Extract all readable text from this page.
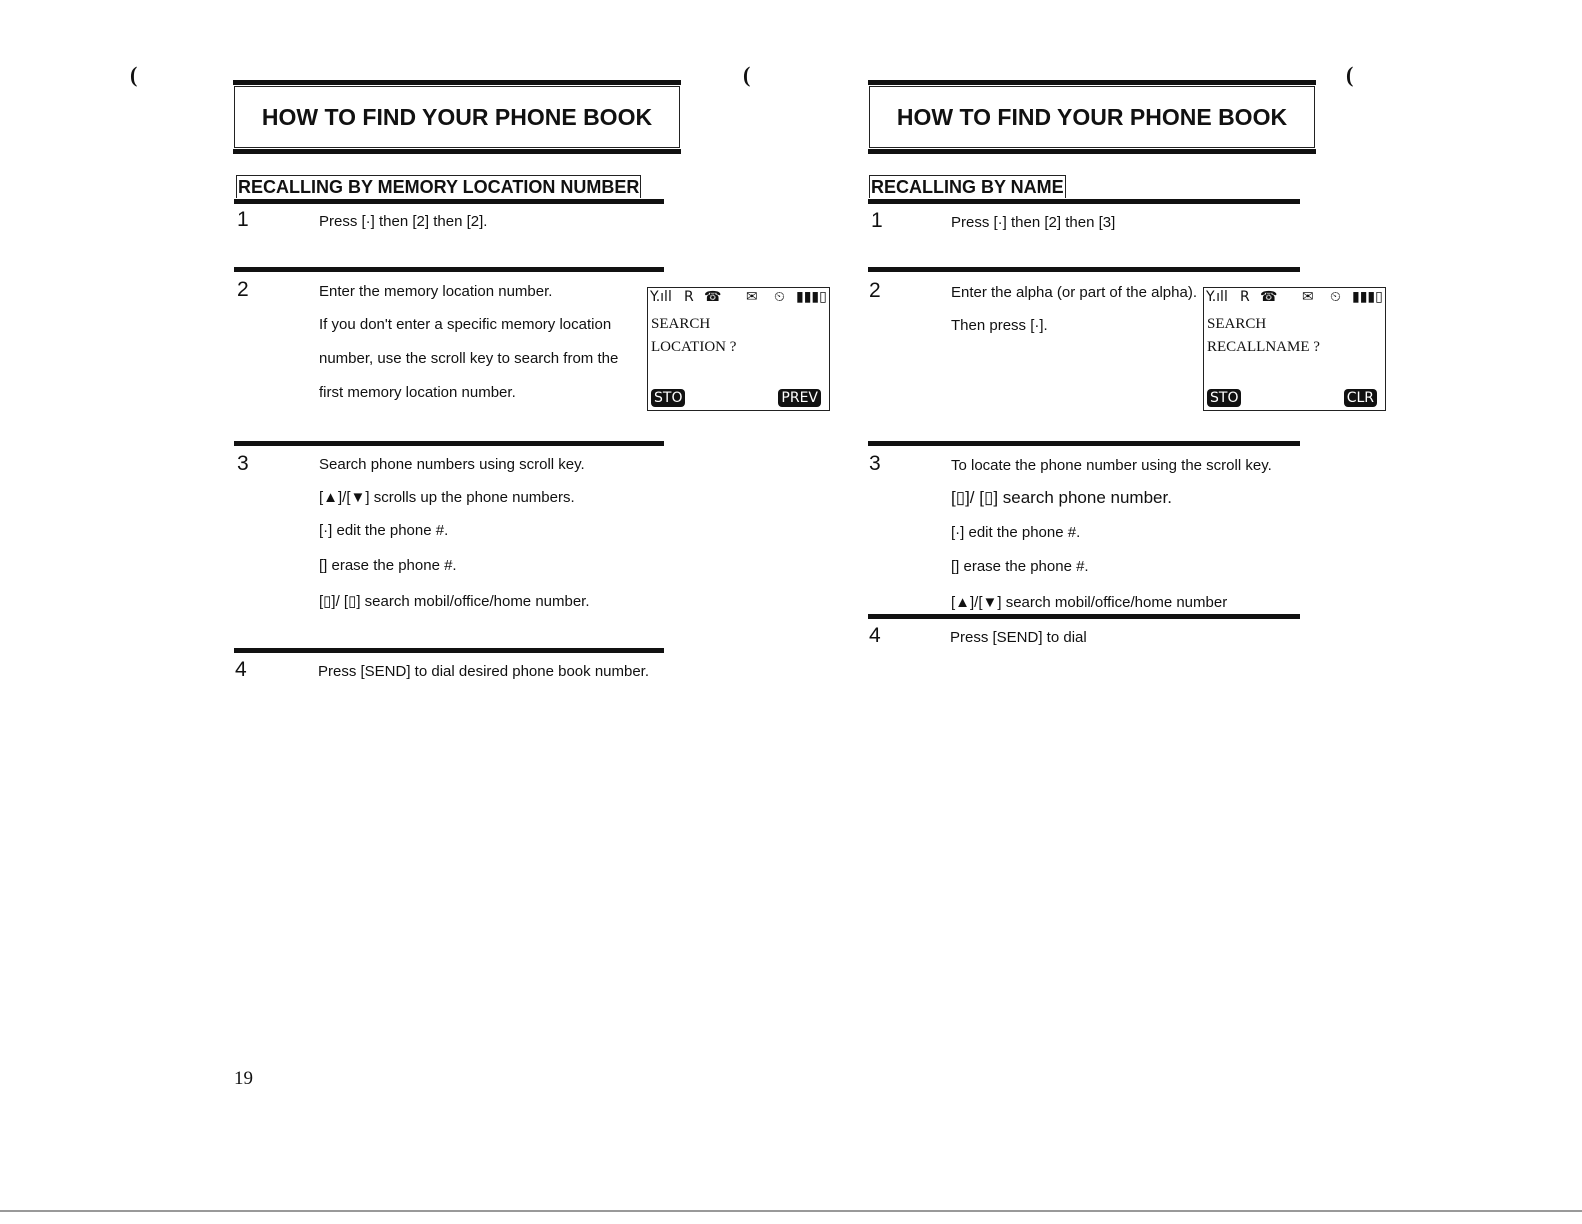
(	(	(
HOW TO FIND YOUR PHONE BOOK
RECALLING BY MEMORY LOCATION NUMBER
1	Press [·] then [2] then [2].
2	Enter the memory location number.
If you don't enter a specific memory location
number, use the scroll key to search from the
first memory location number.
Y.ıll R ☎ ✉ ⏲ ▮▮▮▯
SEARCH
LOCATION ?
STO	PREV
3	Search phone numbers using scroll key.
[▲]/[▼] scrolls up the phone numbers.
[·] edit the phone #.
[] erase the phone #.
[▯]/ [▯] search mobil/office/home number.
4	Press [SEND] to dial desired phone book number.
19
HOW TO FIND YOUR PHONE BOOK
RECALLING BY NAME
1	Press [·] then [2] then [3]
2	Enter the alpha (or part of the alpha).
Then press [·].
Y.ıll R ☎ ✉ ⏲ ▮▮▮▯
SEARCH
RECALLNAME ?
STO	CLR
3	To locate the phone number using the scroll key.
[▯]/ [▯] search phone number.
[·] edit the phone #.
[] erase the phone #.
[▲]/[▼] search mobil/office/home number
4	Press [SEND] to dial
